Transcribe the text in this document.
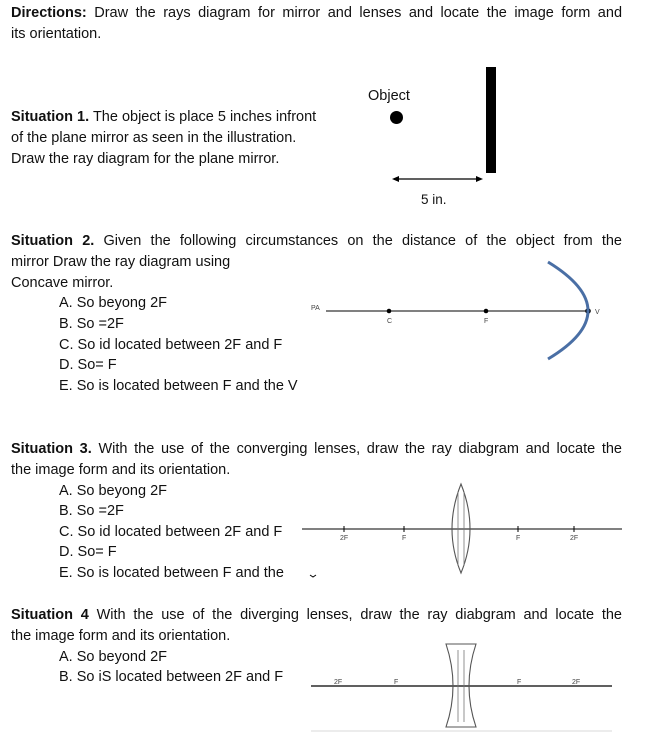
Directions: Draw the rays diagram for mirror and lenses and locate the image form and
its orientation.
Situation 1. The object is place 5 inches infront
of the plane mirror as seen in the illustration.
Draw the ray diagram for the plane mirror.
Object
5 in.
Situation 2. Given the following circumstances on the distance of the object from the
mirror Draw the ray diagram using
Concave mirror.
A. So beyong 2F
B. So =2F
C. So id located between 2F and F
D. So= F
E. So is located between F and the V
PA
C	F
V
Situation 3. With the use of the converging lenses, draw the ray diabgram and locate the
the image form and its orientation.
A. So beyong 2F
B. So =2F
C. So id located between 2F and F
D. So= F
E. So is located between F and the
2F	F	F	2F
Situation 4 With the use of the diverging lenses, draw the ray diabgram and locate the
the image form and its orientation.
A. So beyond 2F
B. So iS located between 2F and F	2F	F	F	2F
